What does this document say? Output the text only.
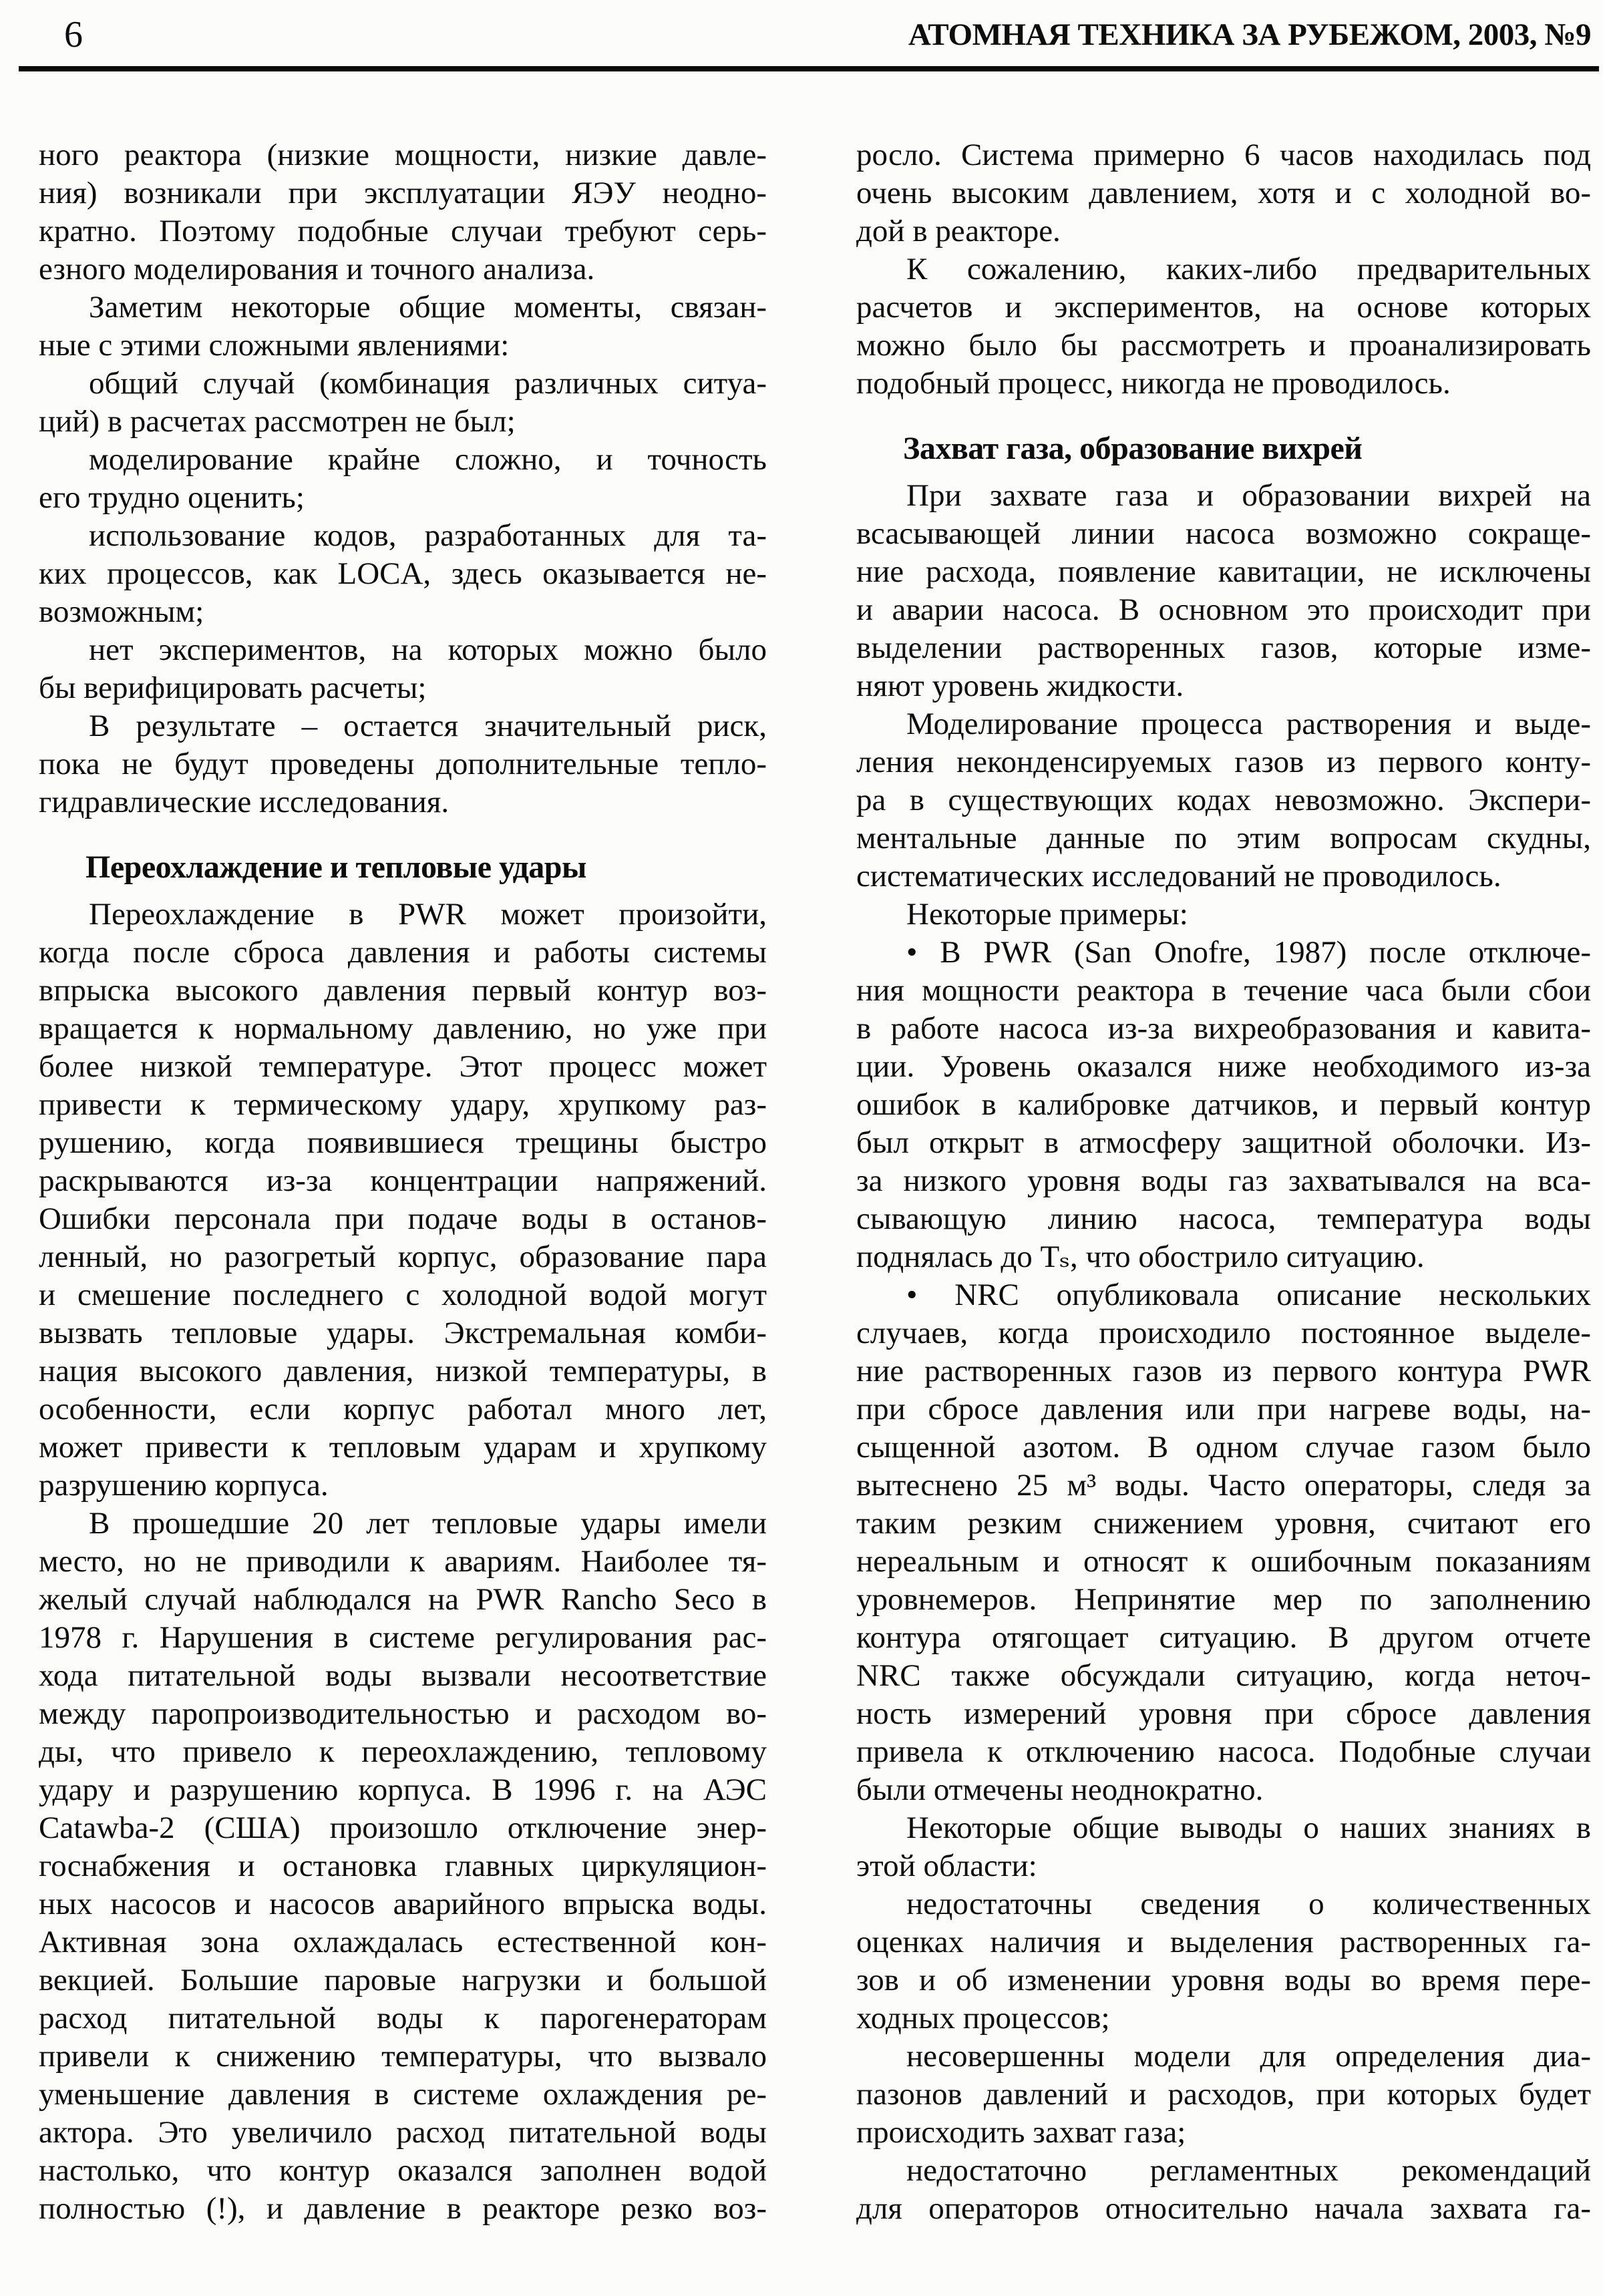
6	АТОМНАЯ ТЕХНИКА ЗА РУБЕЖОМ, 2003, №9
ного реактора (низкие мощности, низкие давле-
ния) возникали при эксплуатации ЯЭУ неодно-
кратно. Поэтому подобные случаи требуют серь-
езного моделирования и точного анализа.
Заметим некоторые общие моменты, связан-
ные с этими сложными явлениями:
общий случай (комбинация различных ситуа-
ций) в расчетах рассмотрен не был;
моделирование крайне сложно, и точность
его трудно оценить;
использование кодов, разработанных для та-
ких процессов, как LOCA, здесь оказывается не-
возможным;
нет экспериментов, на которых можно было
бы верифицировать расчеты;
В результате – остается значительный риск,
пока не будут проведены дополнительные тепло-
гидравлические исследования.
Переохлаждение и тепловые удары
Переохлаждение в PWR может произойти,
когда после сброса давления и работы системы
впрыска высокого давления первый контур воз-
вращается к нормальному давлению, но уже при
более низкой температуре. Этот процесс может
привести к термическому удару, хрупкому раз-
рушению, когда появившиеся трещины быстро
раскрываются из-за концентрации напряжений.
Ошибки персонала при подаче воды в останов-
ленный, но разогретый корпус, образование пара
и смешение последнего с холодной водой могут
вызвать тепловые удары. Экстремальная комби-
нация высокого давления, низкой температуры, в
особенности, если корпус работал много лет,
может привести к тепловым ударам и хрупкому
разрушению корпуса.
В прошедшие 20 лет тепловые удары имели
место, но не приводили к авариям. Наиболее тя-
желый случай наблюдался на PWR Rancho Seco в
1978 г. Нарушения в системе регулирования рас-
хода питательной воды вызвали несоответствие
между паропроизводительностью и расходом во-
ды, что привело к переохлаждению, тепловому
удару и разрушению корпуса. В 1996 г. на АЭС
Catawba-2 (США) произошло отключение энер-
госнабжения и остановка главных циркуляцион-
ных насосов и насосов аварийного впрыска воды.
Активная зона охлаждалась естественной кон-
векцией. Большие паровые нагрузки и большой
расход питательной воды к парогенераторам
привели к снижению температуры, что вызвало
уменьшение давления в системе охлаждения ре-
актора. Это увеличило расход питательной воды
настолько, что контур оказался заполнен водой
полностью (!), и давление в реакторе резко воз-
росло. Система примерно 6 часов находилась под
очень высоким давлением, хотя и с холодной во-
дой в реакторе.
К сожалению, каких-либо предварительных
расчетов и экспериментов, на основе которых
можно было бы рассмотреть и проанализировать
подобный процесс, никогда не проводилось.
Захват газа, образование вихрей
При захвате газа и образовании вихрей на
всасывающей линии насоса возможно сокраще-
ние расхода, появление кавитации, не исключены
и аварии насоса. В основном это происходит при
выделении растворенных газов, которые изме-
няют уровень жидкости.
Моделирование процесса растворения и выде-
ления неконденсируемых газов из первого конту-
ра в существующих кодах невозможно. Экспери-
ментальные данные по этим вопросам скудны,
систематических исследований не проводилось.
Некоторые примеры:
• В PWR (San Onofre, 1987) после отключе-
ния мощности реактора в течение часа были сбои
в работе насоса из-за вихреобразования и кавита-
ции. Уровень оказался ниже необходимого из-за
ошибок в калибровке датчиков, и первый контур
был открыт в атмосферу защитной оболочки. Из-
за низкого уровня воды газ захватывался на вса-
сывающую линию насоса, температура воды
поднялась до Tₛ, что обострило ситуацию.
• NRC опубликовала описание нескольких
случаев, когда происходило постоянное выделе-
ние растворенных газов из первого контура PWR
при сбросе давления или при нагреве воды, на-
сыщенной азотом. В одном случае газом было
вытеснено 25 м³ воды. Часто операторы, следя за
таким резким снижением уровня, считают его
нереальным и относят к ошибочным показаниям
уровнемеров. Непринятие мер по заполнению
контура отягощает ситуацию. В другом отчете
NRC также обсуждали ситуацию, когда неточ-
ность измерений уровня при сбросе давления
привела к отключению насоса. Подобные случаи
были отмечены неоднократно.
Некоторые общие выводы о наших знаниях в
этой области:
недостаточны сведения о количественных
оценках наличия и выделения растворенных га-
зов и об изменении уровня воды во время пере-
ходных процессов;
несовершенны модели для определения диа-
пазонов давлений и расходов, при которых будет
происходить захват газа;
недостаточно регламентных рекомендаций
для операторов относительно начала захвата га-
